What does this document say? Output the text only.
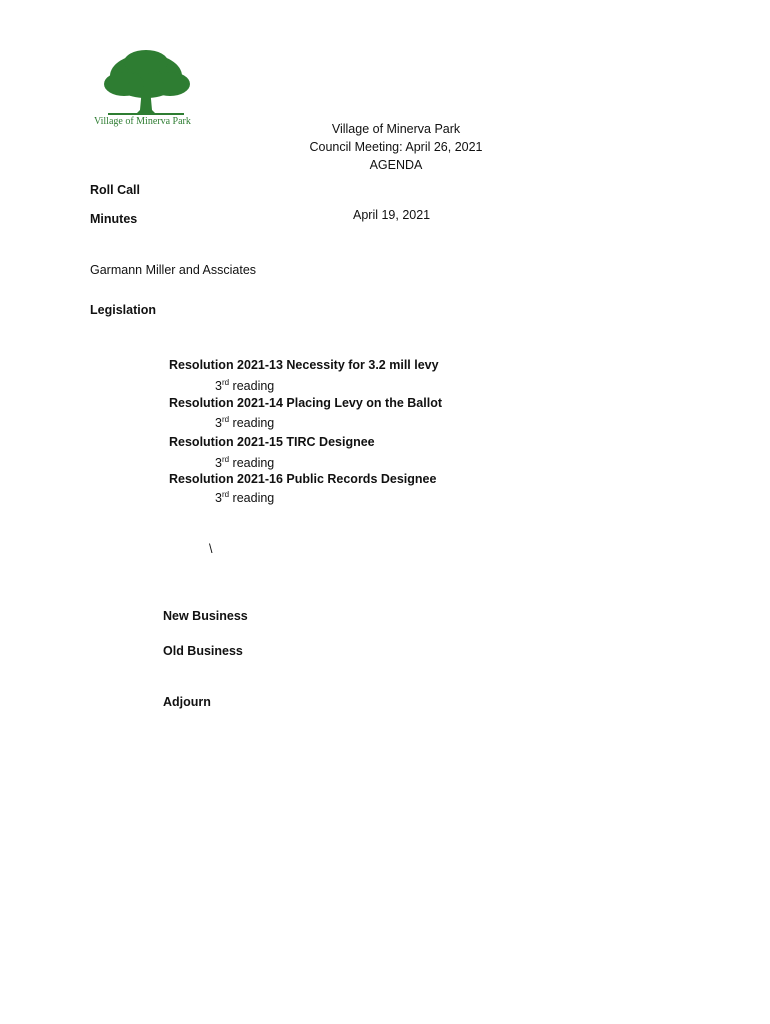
Village of Minerva Park
Village of Minerva Park
Council Meeting: April 26, 2021
AGENDA
Roll Call
Minutes	April 19, 2021
Garmann Miller and Assciates
Legislation
Resolution 2021-13 Necessity for 3.2 mill levy
3rd reading
Resolution 2021-14 Placing Levy on the Ballot
3rd reading
Resolution 2021-15 TIRC Designee
3rd reading
Resolution 2021-16 Public Records Designee
3rd reading
\
New Business
Old Business
Adjourn
